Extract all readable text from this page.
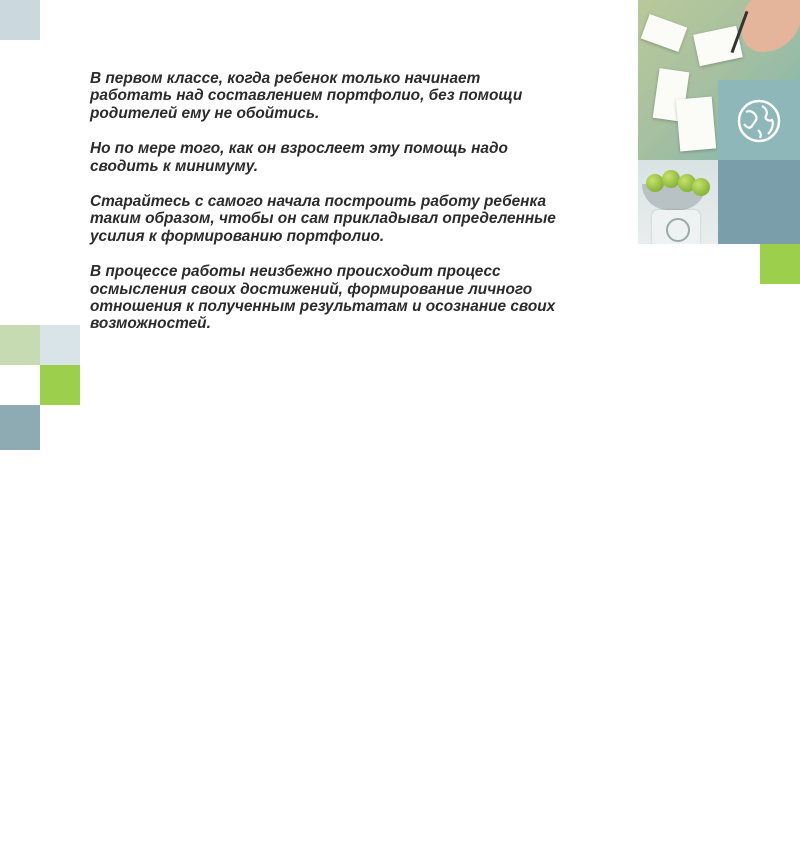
19

В первом классе, когда ребенок только начинает работать над составлением портфолио, без помощи родителей ему не обойтись.

Но по мере того, как он взрослеет эту помощь надо сводить к минимуму.

Старайтесь с самого начала построить работу ребенка таким образом, чтобы он сам прикладывал определенные усилия к формированию портфолио.

В процессе работы неизбежно происходит процесс осмысления своих достижений, формирование личного отношения к полученным результатам и осознание своих возможностей.
